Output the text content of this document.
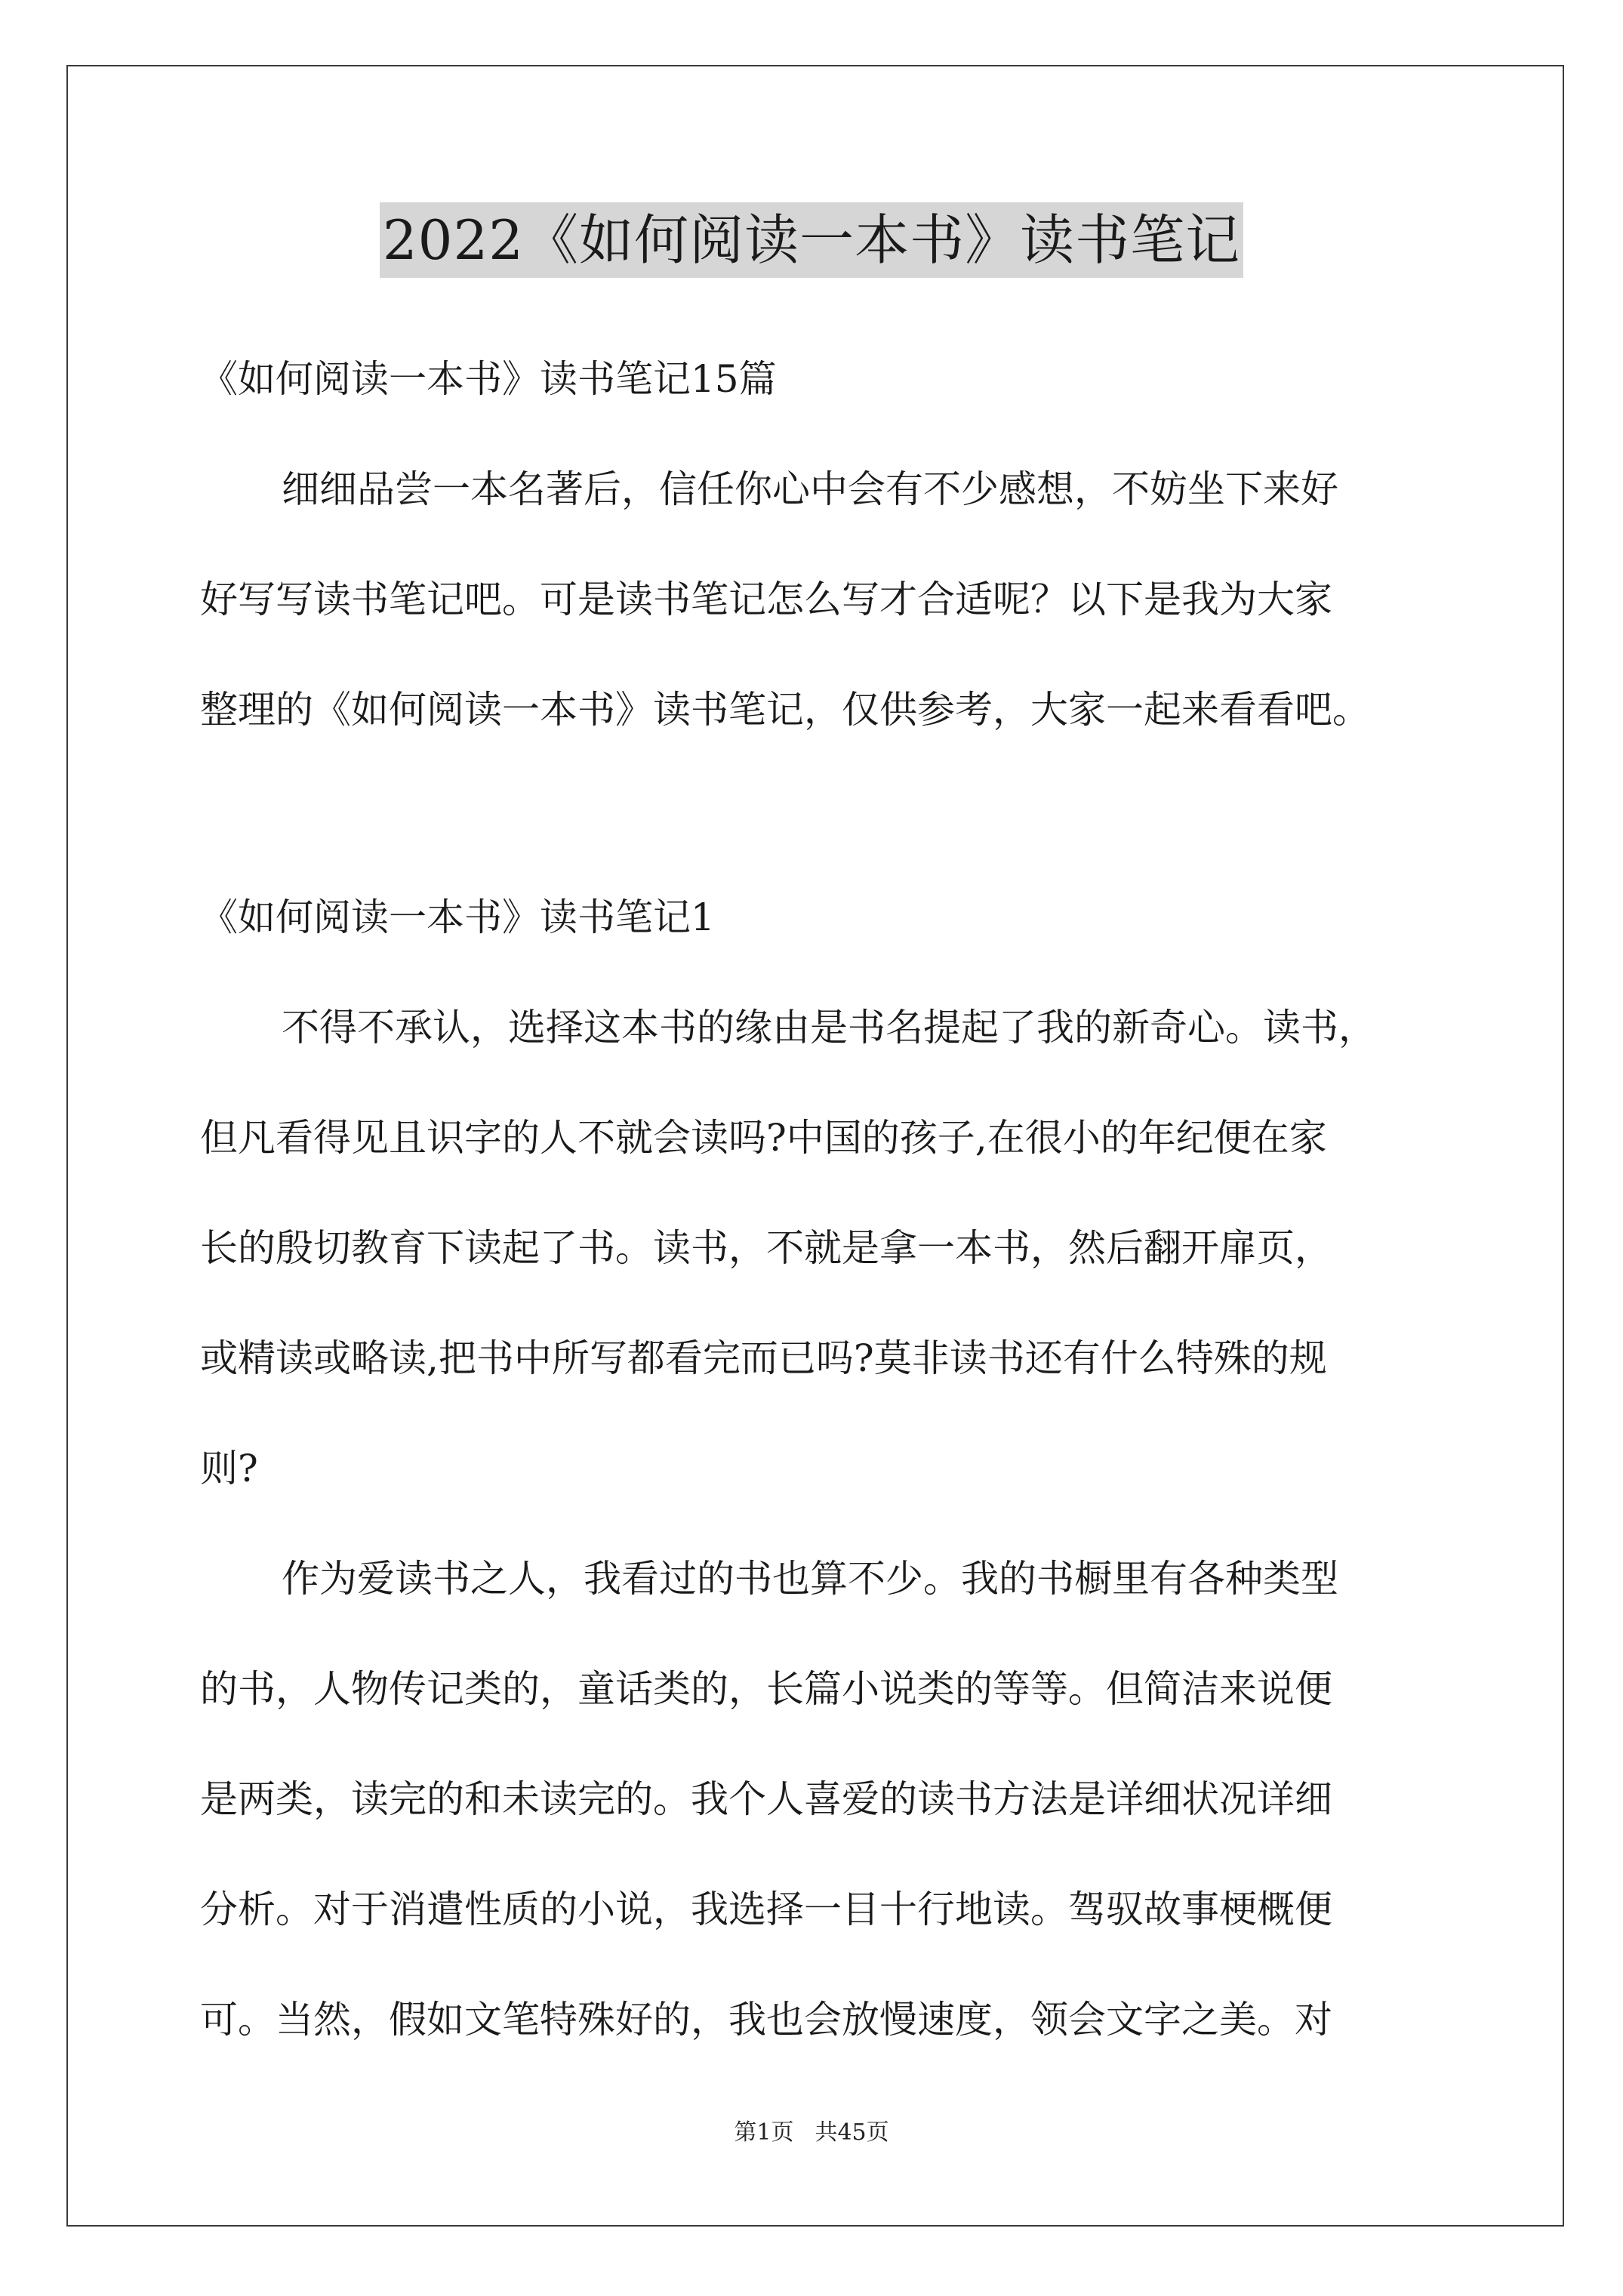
2022《如何阅读一本书》读书笔记
《如何阅读一本书》读书笔记15篇
细细品尝一本名著后，信任你心中会有不少感想，不妨坐下来好
好写写读书笔记吧。可是读书笔记怎么写才合适呢？以下是我为大家
整理的《如何阅读一本书》读书笔记，仅供参考，大家一起来看看吧。
《如何阅读一本书》读书笔记1
不得不承认，选择这本书的缘由是书名提起了我的新奇心。读书，
但凡看得见且识字的人不就会读吗?中国的孩子,在很小的年纪便在家
长的殷切教育下读起了书。读书，不就是拿一本书，然后翻开扉页，
或精读或略读,把书中所写都看完而已吗?莫非读书还有什么特殊的规
则?
作为爱读书之人，我看过的书也算不少。我的书橱里有各种类型
的书，人物传记类的，童话类的，长篇小说类的等等。但简洁来说便
是两类，读完的和未读完的。我个人喜爱的读书方法是详细状况详细
分析。对于消遣性质的小说，我选择一目十行地读。驾驭故事梗概便
可。当然，假如文笔特殊好的，我也会放慢速度，领会文字之美。对
第1页 共45页
